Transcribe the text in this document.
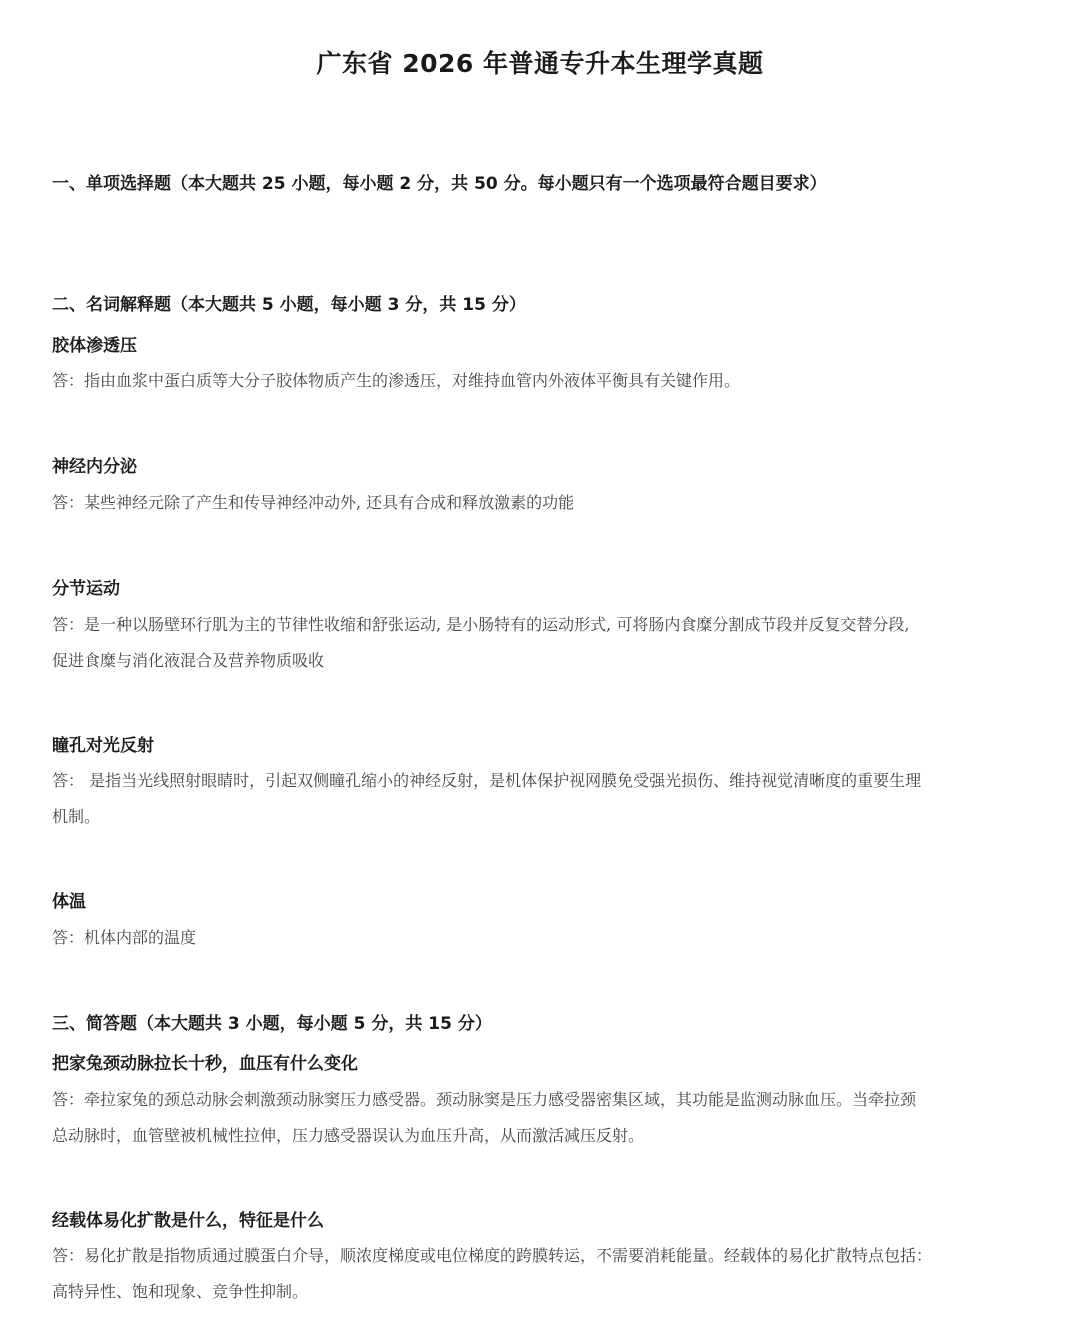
广东省 2026 年普通专升本生理学真题
一、单项选择题（本大题共 25 小题，每小题 2 分，共 50 分。每小题只有一个选项最符合题目要求）
二、名词解释题（本大题共 5 小题，每小题 3 分，共 15 分）
胶体渗透压
答：指由血浆中蛋白质等大分子胶体物质产生的渗透压，对维持血管内外液体平衡具有关键作用。
神经内分泌
答：某些神经元除了产生和传导神经冲动外, 还具有合成和释放激素的功能
分节运动
答：是一种以肠壁环行肌为主的节律性收缩和舒张运动, 是小肠特有的运动形式, 可将肠内食糜分割成节段并反复交替分段,
促进食糜与消化液混合及营养物质吸收
瞳孔对光反射
答： 是指当光线照射眼睛时，引起双侧瞳孔缩小的神经反射，是机体保护视网膜免受强光损伤、维持视觉清晰度的重要生理
机制。
体温
答：机体内部的温度
三、简答题（本大题共 3 小题，每小题 5 分，共 15 分）
把家兔颈动脉拉长十秒，血压有什么变化
答：牵拉家兔的颈总动脉会刺激颈动脉窦压力感受器。颈动脉窦是压力感受器密集区域，其功能是监测动脉血压。当牵拉颈
总动脉时，血管壁被机械性拉伸，压力感受器误认为血压升高，从而激活减压反射。
经载体易化扩散是什么，特征是什么
答：易化扩散是指物质通过膜蛋白介导，顺浓度梯度或电位梯度的跨膜转运，不需要消耗能量。经载体的易化扩散特点包括：
高特异性、饱和现象、竞争性抑制。
